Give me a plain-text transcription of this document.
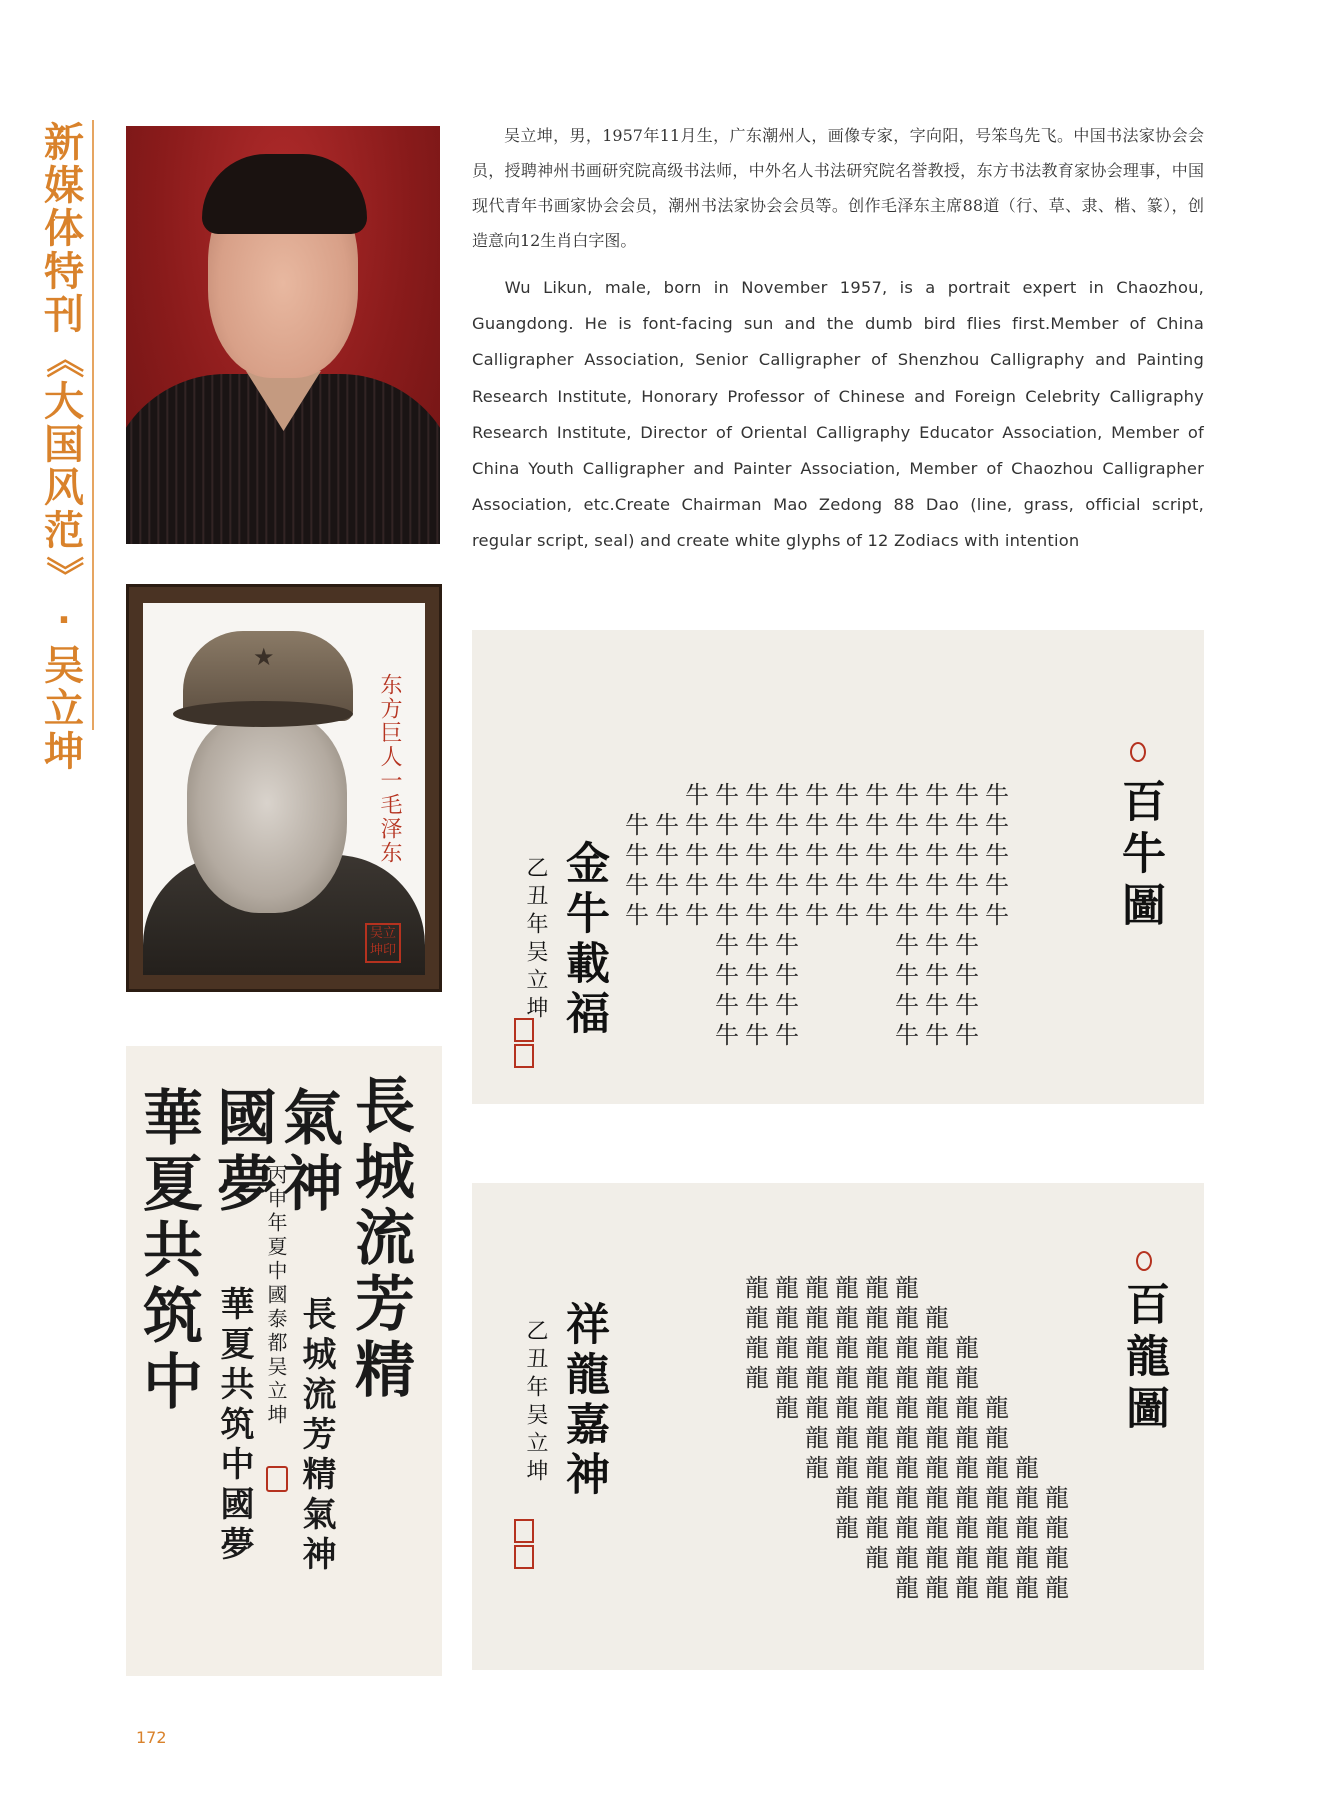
新
媒
体
特
刊
《
大
国
风
范
》
·
吴
立
坤
★
东方巨人一毛泽东
吴立坤印
長城流芳精
氣神
國夢
華夏共筑中	丙申年夏中國泰都吴立坤 長城流芳精氣神
華夏共筑中國夢

吴立坤，男，1957年11月生，广东潮州人，画像专家，字向阳，号笨鸟先飞。中国书法家协会会员，授聘神州书画研究院高级书法师，中外名人书法研究院名誉教授，东方书法教育家协会理事，中国现代青年书画家协会会员，潮州书法家协会会员等。创作毛泽东主席88道（行、草、隶、楷、篆），创造意向12生肖白字图。

Wu Likun, male, born in November 1957, is a portrait expert in Chaozhou, Guangdong. He is font-facing sun and the dumb bird flies first.Member of China Calligrapher Association, Senior Calligrapher of Shenzhou Calligraphy and Painting Research Institute, Honorary Professor of Chinese and Foreign Celebrity Calligraphy Research Institute, Director of Oriental Calligraphy Educator Association, Member of China Youth Calligrapher and Painter Association, Member of Chaozhou Calligrapher Association, etc.Create Chairman Mao Zedong 88 Dao (line, grass, official script, regular script, seal) and create white glyphs of 12 Zodiacs with intention

牛 牛 牛 牛 牛 牛 牛 牛 牛 牛 牛
牛 牛 牛 牛 牛 牛 牛 牛 牛 牛 牛 牛 牛
牛 牛 牛 牛 牛 牛 牛 牛 牛 牛 牛 牛 牛
牛 牛 牛 牛 牛 牛 牛 牛 牛 牛 牛 牛 牛
牛 牛 牛 牛 牛 牛 牛 牛 牛 牛 牛 牛 牛
牛 牛 牛	牛 牛 牛
牛 牛 牛	牛 牛 牛
牛 牛 牛	牛 牛 牛
牛 牛 牛	牛 牛 牛
百牛圖
金牛載福
乙丑年吴立坤
龍 龍 龍 龍 龍 龍
龍 龍 龍 龍 龍 龍 龍
龍 龍 龍 龍 龍 龍 龍 龍
龍 龍 龍 龍 龍 龍 龍 龍
龍 龍 龍 龍 龍 龍 龍 龍
龍 龍 龍 龍 龍 龍 龍
龍 龍 龍 龍 龍 龍 龍 龍
龍 龍 龍 龍 龍 龍 龍 龍
龍 龍 龍 龍 龍 龍 龍 龍
龍 龍 龍 龍 龍 龍 龍
龍 龍 龍 龍 龍 龍
百龍圖
祥龍嘉神
乙丑年吴立坤
172
